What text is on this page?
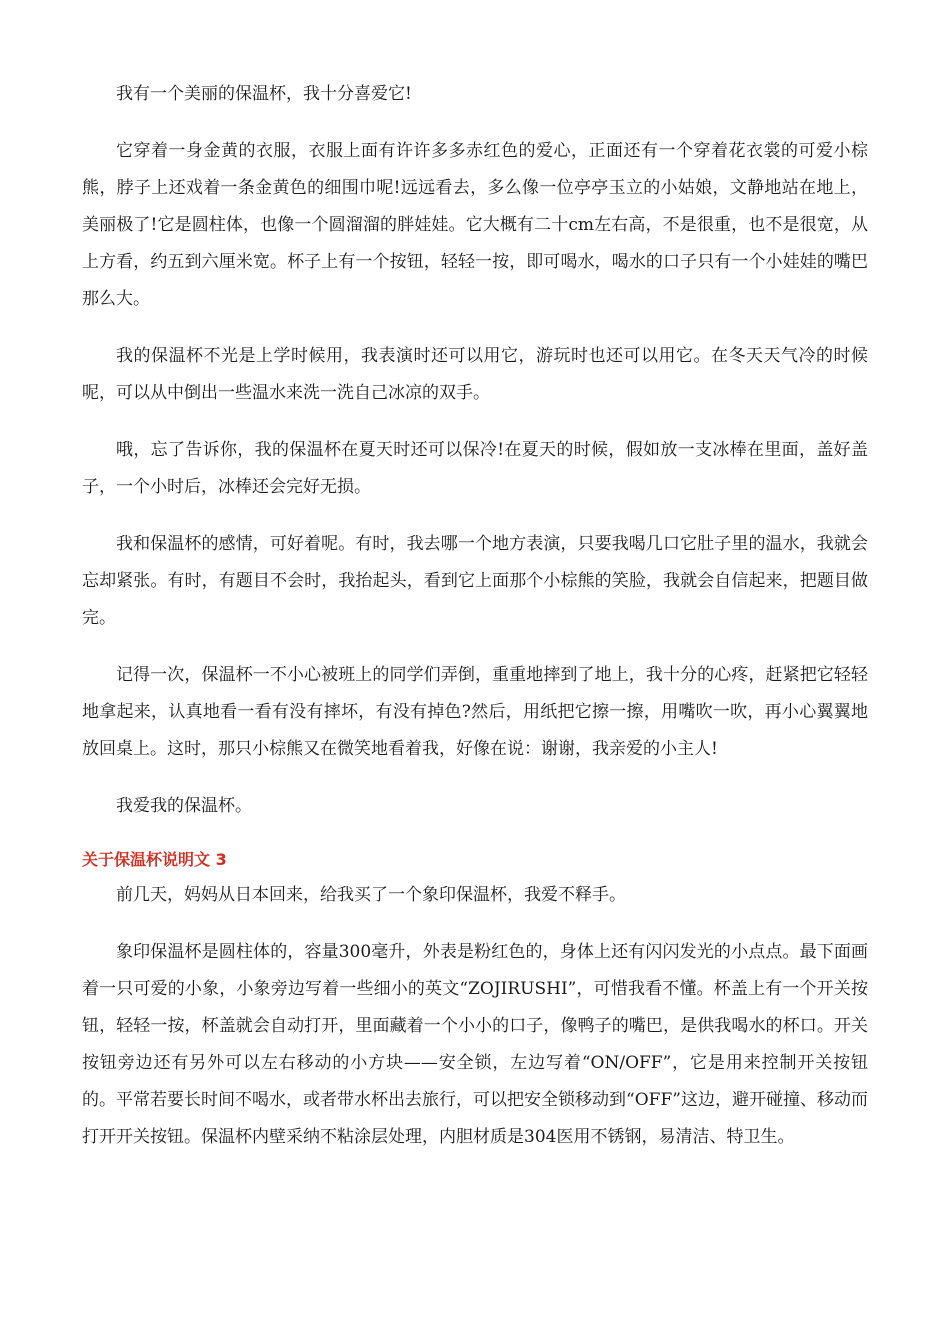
我有一个美丽的保温杯，我十分喜爱它!

它穿着一身金黄的衣服，衣服上面有许许多多赤红色的爱心，正面还有一个穿着花衣裳的可爱小棕熊，脖子上还戏着一条金黄色的细围巾呢!远远看去，多么像一位亭亭玉立的小姑娘，文静地站在地上，美丽极了!它是圆柱体，也像一个圆溜溜的胖娃娃。它大概有二十cm左右高，不是很重，也不是很宽，从上方看，约五到六厘米宽。杯子上有一个按钮，轻轻一按，即可喝水，喝水的口子只有一个小娃娃的嘴巴那么大。

我的保温杯不光是上学时候用，我表演时还可以用它，游玩时也还可以用它。在冬天天气冷的时候呢，可以从中倒出一些温水来洗一洗自己冰凉的双手。

哦，忘了告诉你，我的保温杯在夏天时还可以保冷!在夏天的时候，假如放一支冰棒在里面，盖好盖子，一个小时后，冰棒还会完好无损。

我和保温杯的感情，可好着呢。有时，我去哪一个地方表演，只要我喝几口它肚子里的温水，我就会忘却紧张。有时，有题目不会时，我抬起头，看到它上面那个小棕熊的笑脸，我就会自信起来，把题目做完。

记得一次，保温杯一不小心被班上的同学们弄倒，重重地摔到了地上，我十分的心疼，赶紧把它轻轻地拿起来，认真地看一看有没有摔坏，有没有掉色?然后，用纸把它擦一擦，用嘴吹一吹，再小心翼翼地放回桌上。这时，那只小棕熊又在微笑地看着我，好像在说：谢谢，我亲爱的小主人!

我爱我的保温杯。

关于保温杯说明文 3

前几天，妈妈从日本回来，给我买了一个象印保温杯，我爱不释手。

象印保温杯是圆柱体的，容量300毫升，外表是粉红色的，身体上还有闪闪发光的小点点。最下面画着一只可爱的小象，小象旁边写着一些细小的英文“ZOJIRUSHI”，可惜我看不懂。杯盖上有一个开关按钮，轻轻一按，杯盖就会自动打开，里面藏着一个小小的口子，像鸭子的嘴巴，是供我喝水的杯口。开关按钮旁边还有另外可以左右移动的小方块——安全锁，左边写着“ON/OFF”，它是用来控制开关按钮的。平常若要长时间不喝水，或者带水杯出去旅行，可以把安全锁移动到“OFF”这边，避开碰撞、移动而打开开关按钮。保温杯内壁采纳不粘涂层处理，内胆材质是304医用不锈钢，易清洁、特卫生。
